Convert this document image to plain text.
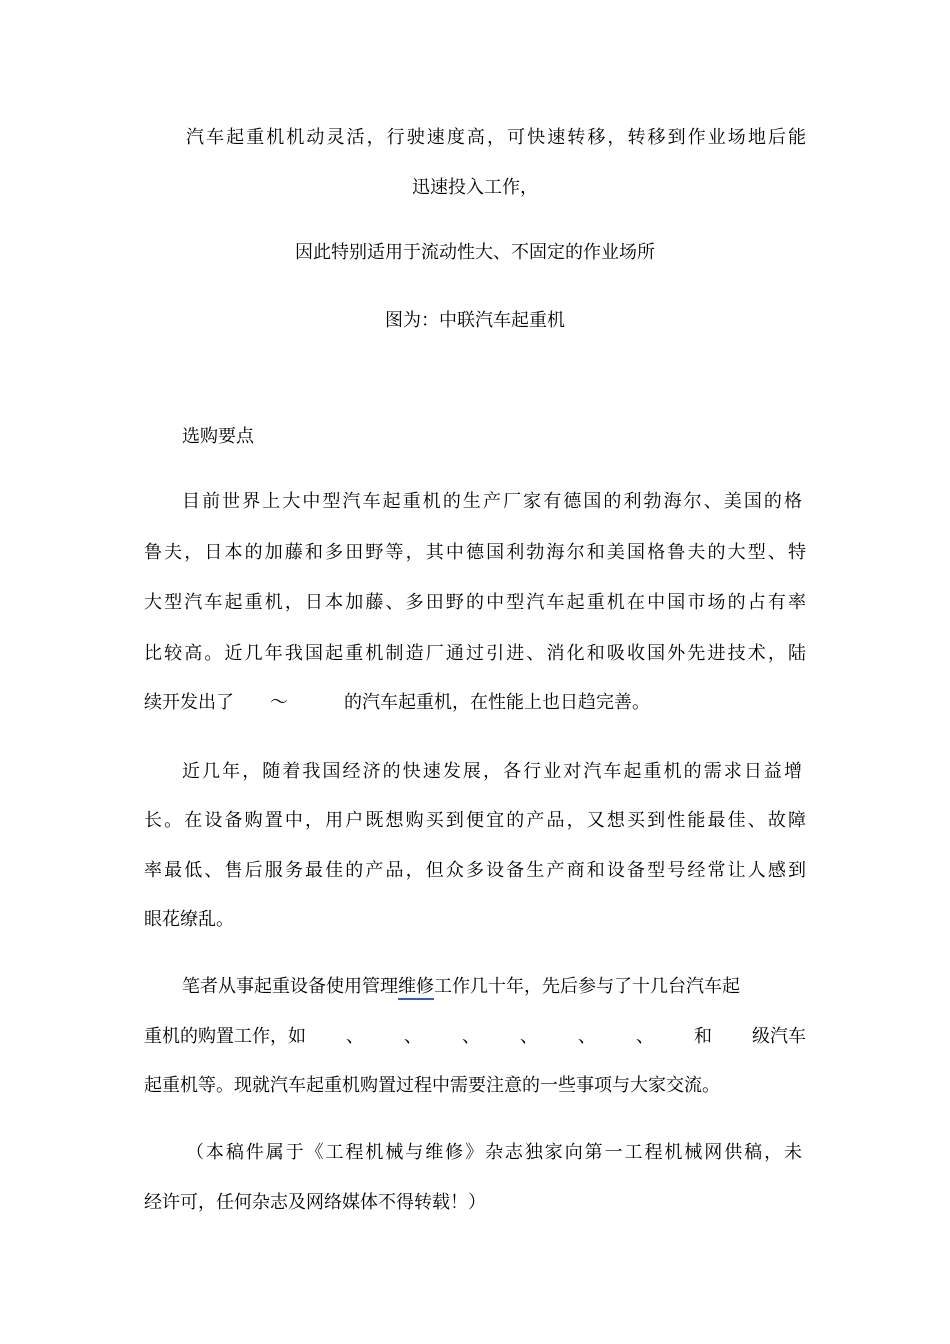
汽车起重机机动灵活，行驶速度高，可快速转移，转移到作业场地后能
迅速投入工作，
因此特别适用于流动性大、不固定的作业场所
图为：中联汽车起重机
选购要点
目前世界上大中型汽车起重机的生产厂家有德国的利勃海尔、美国的格
鲁夫，日本的加藤和多田野等，其中德国利勃海尔和美国格鲁夫的大型、特
大型汽车起重机，日本加藤、多田野的中型汽车起重机在中国市场的占有率
比较高。近几年我国起重机制造厂通过引进、消化和吸收国外先进技术，陆
续开发出了 ～	的汽车起重机，在性能上也日趋完善。
近几年，随着我国经济的快速发展，各行业对汽车起重机的需求日益增
长。在设备购置中，用户既想购买到便宜的产品，又想买到性能最佳、故障
率最低、售后服务最佳的产品，但众多设备生产商和设备型号经常让人感到
眼花缭乱。
笔者从事起重设备使用管理维修工作几十年，先后参与了十几台汽车起
重机的购置工作，如 、 、 、 、 、 、 和 级汽车
起重机等。现就汽车起重机购置过程中需要注意的一些事项与大家交流。
（本稿件属于《工程机械与维修》杂志独家向第一工程机械网供稿，未
经许可，任何杂志及网络媒体不得转载！）
